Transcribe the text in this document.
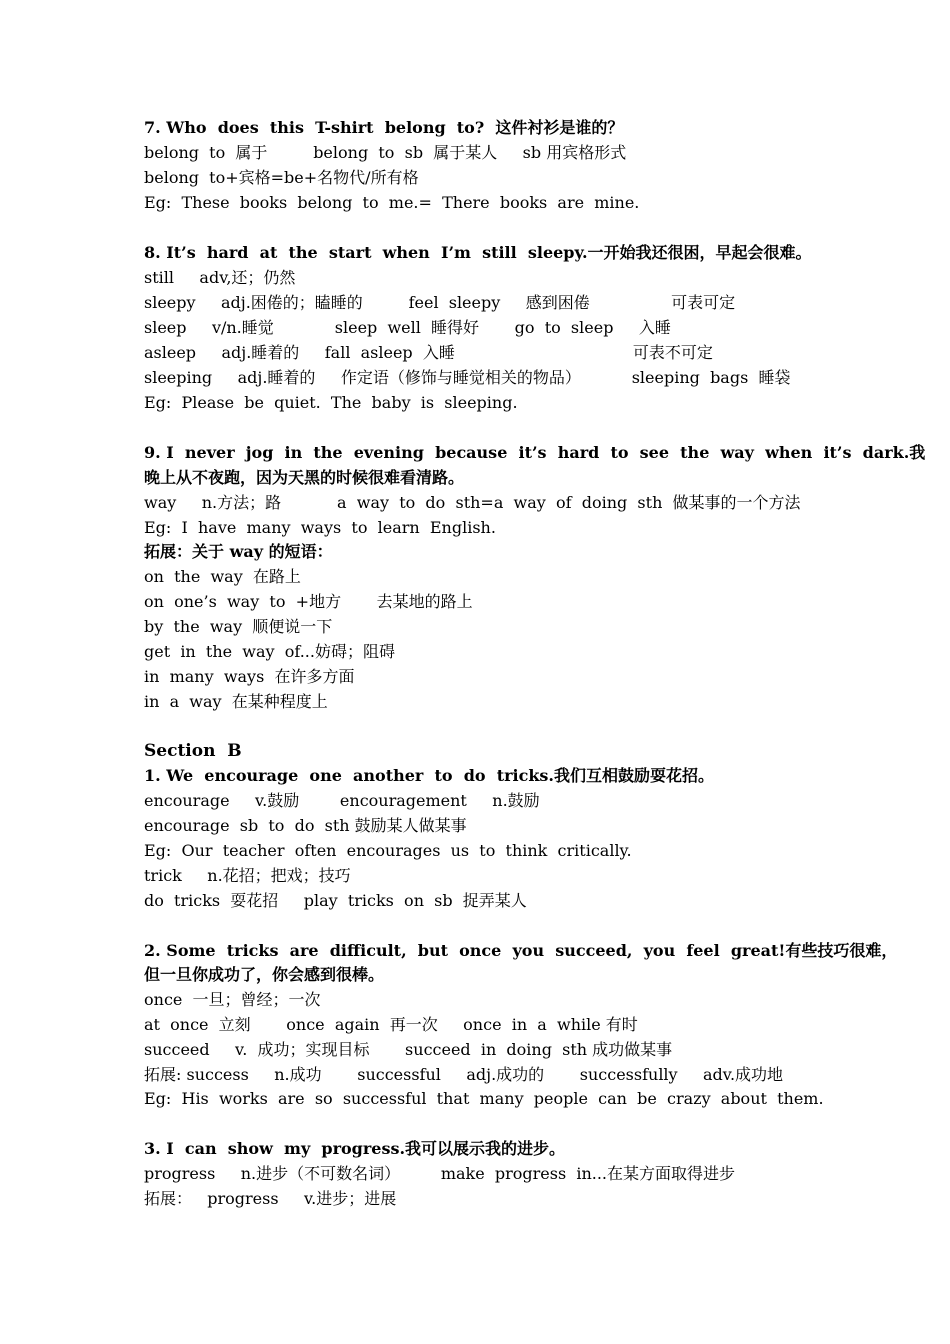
7. Who  does  this  T-shirt  belong  to?  这件衬衫是谁的？
belong  to  属于         belong  to  sb  属于某人     sb 用宾格形式
belong  to+宾格=be+名物代/所有格
Eg:  These  books  belong  to  me.=  There  books  are  mine.
8. It’s  hard  at  the  start  when  I’m  still  sleepy.一开始我还很困，早起会很难。
still     adv,还；仍然
sleepy     adj.困倦的；瞌睡的         feel  sleepy     感到困倦                可表可定
sleep     v/n.睡觉            sleep  well  睡得好       go  to  sleep     入睡
asleep     adj.睡着的     fall  asleep  入睡                                   可表不可定
sleeping     adj.睡着的     作定语（修饰与睡觉相关的物品）          sleeping  bags  睡袋
Eg:  Please  be  quiet.  The  baby  is  sleeping.
9. I  never  jog  in  the  evening  because  it’s  hard  to  see  the  way  when  it’s  dark.我
晚上从不夜跑，因为天黑的时候很难看清路。
way     n.方法；路           a  way  to  do  sth=a  way  of  doing  sth  做某事的一个方法
Eg:  I  have  many  ways  to  learn  English.
拓展：关于 way 的短语：
on  the  way  在路上
on  one’s  way  to  +地方       去某地的路上
by  the  way  顺便说一下
get  in  the  way  of...妨碍；阻碍
in  many  ways  在许多方面
in  a  way  在某种程度上
Section  B
1. We  encourage  one  another  to  do  tricks.我们互相鼓励耍花招。
encourage     v.鼓励        encouragement     n.鼓励
encourage  sb  to  do  sth 鼓励某人做某事
Eg:  Our  teacher  often  encourages  us  to  think  critically.
trick     n.花招；把戏；技巧
do  tricks  耍花招     play  tricks  on  sb  捉弄某人
2. Some  tricks  are  difficult,  but  once  you  succeed,  you  feel  great!有些技巧很难，
但一旦你成功了，你会感到很棒。
once  一旦；曾经；一次
at  once  立刻       once  again  再一次     once  in  a  while 有时
succeed     v.  成功；实现目标       succeed  in  doing  sth 成功做某事
拓展: success     n.成功       successful     adj.成功的       successfully     adv.成功地
Eg:  His  works  are  so  successful  that  many  people  can  be  crazy  about  them.
3. I  can  show  my  progress.我可以展示我的进步。
progress     n.进步（不可数名词）        make  progress  in...在某方面取得进步
拓展：   progress     v.进步；进展
